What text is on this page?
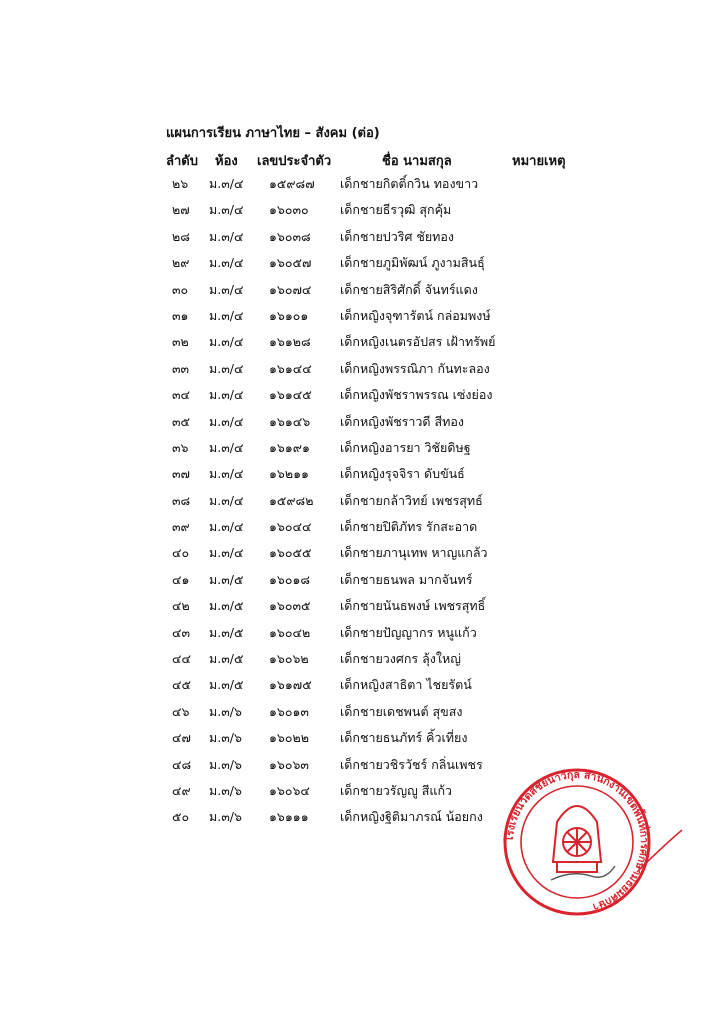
แผนการเรียน ภาษาไทย – สังคม (ต่อ)
ลำดับ ห้อง เลขประจำตัว	ชื่อ นามสกุล	หมายเหตุ
๒๖ ม.๓/๔ ๑๕๙๘๗ เด็กชายกิตติ์กวิน ทองขาว
๒๗ ม.๓/๔ ๑๖๐๓๐	เด็กชายธีรวุฒิ สุกคุ้ม
๒๘ ม.๓/๔ ๑๖๐๓๘ เด็กชายปวริศ ชัยทอง
๒๙ ม.๓/๔ ๑๖๐๕๗ เด็กชายภูมิพัฒน์ ภูงามสินธุ์
๓๐ ม.๓/๔ ๑๖๐๗๔ เด็กชายสิริศักดิ์ จันทร์แดง
๓๑ ม.๓/๔ ๑๖๑๐๑	เด็กหญิงจุฑารัตน์ กล่อมพงษ์
๓๒ ม.๓/๔ ๑๖๑๒๘ เด็กหญิงเนตรอัปสร เฝ้าทรัพย์
๓๓ ม.๓/๔ ๑๖๑๔๔ เด็กหญิงพรรณิภา กันทะลอง
๓๔ ม.๓/๔ ๑๖๑๔๕ เด็กหญิงพัชราพรรณ เซ่งย่อง
๓๕ ม.๓/๔ ๑๖๑๔๖ เด็กหญิงพัชราวดี สีทอง
๓๖ ม.๓/๔ ๑๖๑๙๑ เด็กหญิงอารยา วิชัยดิษฐ
๓๗ ม.๓/๔ ๑๖๒๑๑ เด็กหญิงรุจจิรา ดับขันธ์
๓๘ ม.๓/๔ ๑๕๙๘๒ เด็กชายกล้าวิทย์ เพชรสุทธ์
๓๙ ม.๓/๔ ๑๖๐๔๔ เด็กชายปิติภัทร รักสะอาด
๔๐ ม.๓/๔ ๑๖๐๕๕ เด็กชายภานุเทพ หาญแกล้ว
๔๑ ม.๓/๕ ๑๖๐๑๘ เด็กชายธนพล มากจันทร์
๔๒ ม.๓/๕ ๑๖๐๓๕ เด็กชายนันธพงษ์ เพชรสุทธิ์
๔๓ ม.๓/๕ ๑๖๐๔๒ เด็กชายปัญญากร หนูแก้ว
๔๔ ม.๓/๕ ๑๖๐๖๒	เด็กชายวงศกร ลุ้งใหญ่
๔๕ ม.๓/๕ ๑๖๑๗๕ เด็กหญิงสาธิตา ไชยรัตน์
๔๖ ม.๓/๖ ๑๖๐๑๓ เด็กชายเดชพนต์ สุขสง
๔๗ ม.๓/๖ ๑๖๐๒๒ เด็กชายธนภัทร์ คิ้วเที่ยง
๔๘ ม.๓/๖ ๑๖๐๖๓ เด็กชายวชิรวัชร์ กลิ่นเพชร
๔๙ ม.๓/๖ ๑๖๐๖๔ เด็กชายวรัญญู สีแก้ว
๕๐ ม.๓/๖ ๑๖๑๑๑	เด็กหญิงฐิติมาภรณ์ น้อยกง
โรงเรียนวัดสีชัยนาวิกุล สำนักงานเขตพื้นที่การศึกษามัธยมศึกษา
